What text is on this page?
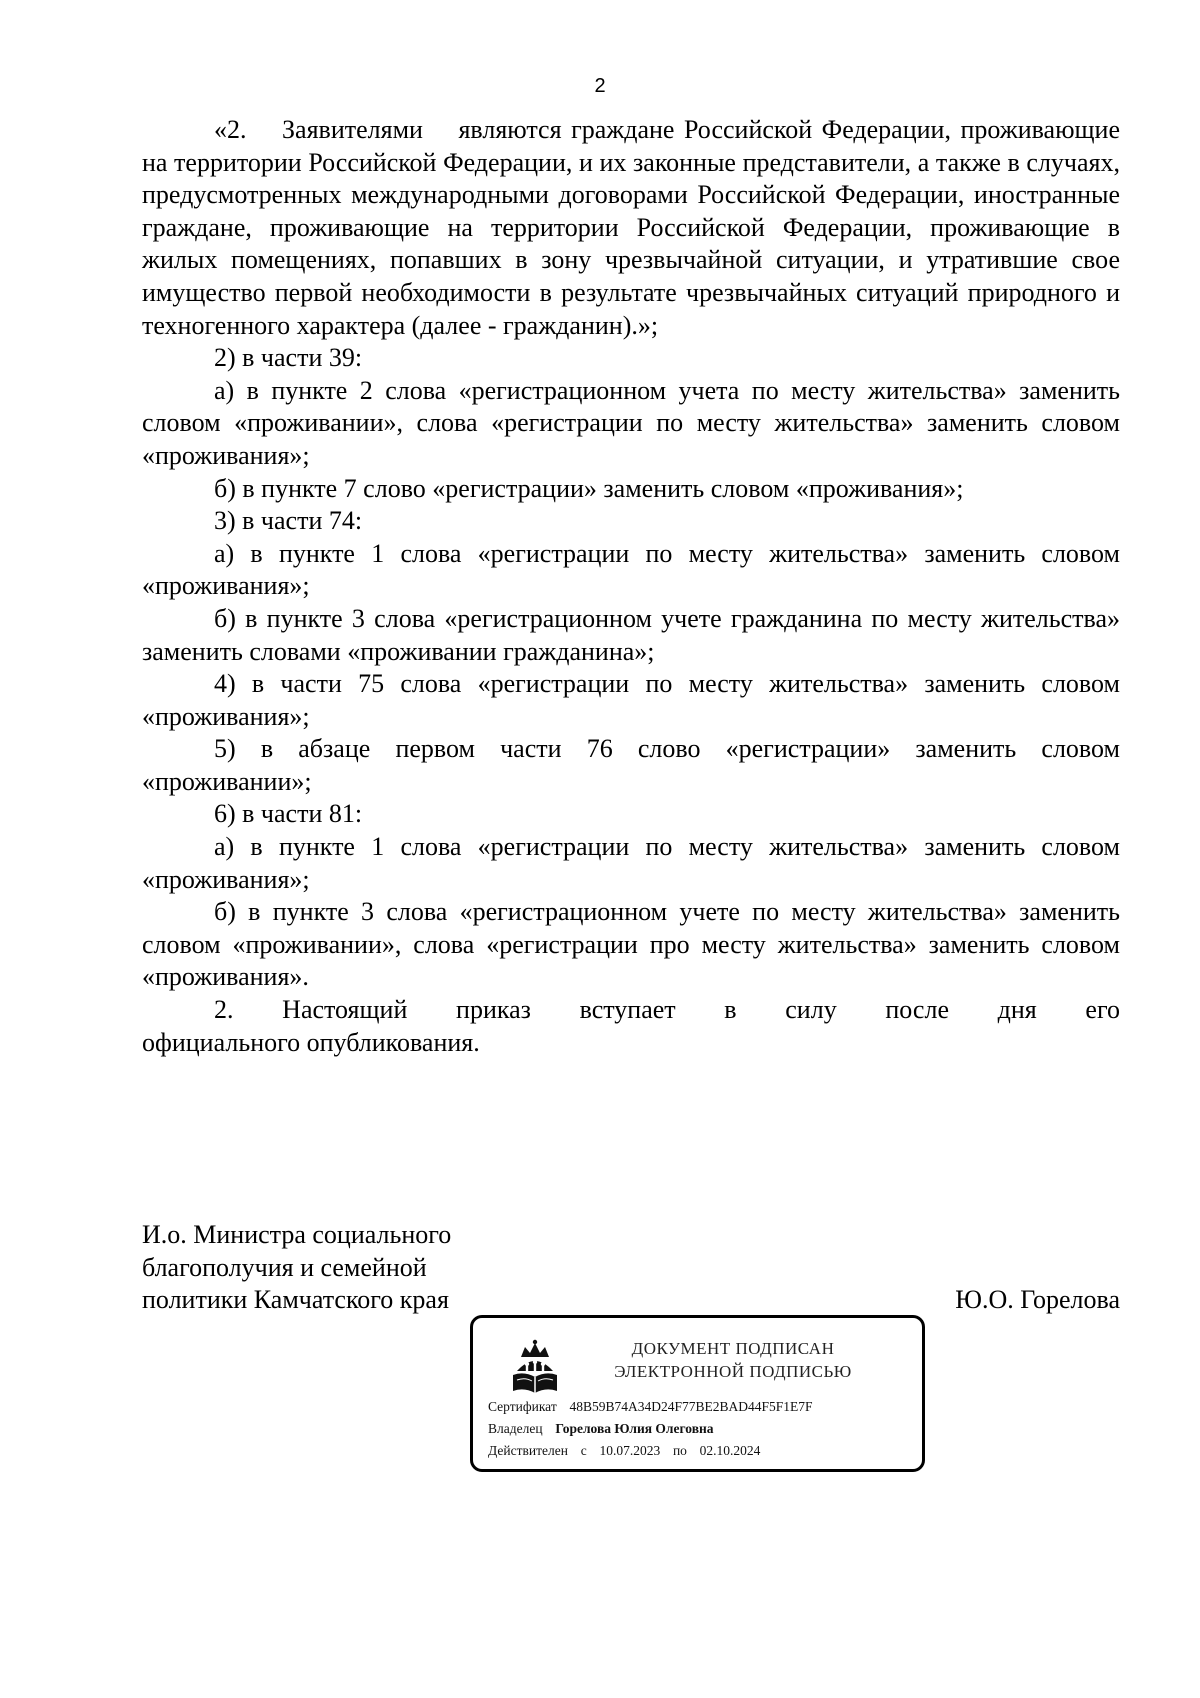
2

«2.  Заявителями  являются граждане Российской Федерации, проживающие на территории Российской Федерации, и их законные представители, а также в случаях, предусмотренных международными договорами Российской Федерации, иностранные граждане, проживающие на территории Российской Федерации, проживающие в жилых помещениях, попавших в зону чрезвычайной ситуации, и утратившие свое имущество первой необходимости в результате чрезвычайных ситуаций природного и техногенного характера (далее - гражданин).»;

2) в части 39:

а) в пункте 2 слова «регистрационном учета по месту жительства» заменить словом «проживании», слова «регистрации по месту жительства» заменить словом «проживания»;

б) в пункте 7 слово «регистрации» заменить словом «проживания»;

3) в части 74:

а) в пункте 1 слова «регистрации по месту жительства» заменить словом «проживания»;

б) в пункте 3 слова «регистрационном учете гражданина по месту жительства» заменить словами «проживании гражданина»;

4) в части 75 слова «регистрации по месту жительства» заменить словом «проживания»;

5) в абзаце первом части 76 слово «регистрации» заменить словом «проживании»;

6) в части 81:

а) в пункте 1 слова «регистрации по месту жительства» заменить словом «проживания»;

б) в пункте 3 слова «регистрационном учете по месту жительства» заменить словом «проживании», слова «регистрации про месту жительства» заменить словом «проживания».

2.  Настоящий  приказ  вступает  в  силу  после  дня  его официального опубликования.

И.о. Министра социального
благополучия и семейной
политики Камчатского края	Ю.О. Горелова
ДОКУМЕНТ ПОДПИСАН
ЭЛЕКТРОННОЙ ПОДПИСЬЮ
Сертификат 48B59B74A34D24F77BE2BAD44F5F1E7F
Владелец Горелова Юлия Олеговна
Действителен с 10.07.2023 по 02.10.2024
